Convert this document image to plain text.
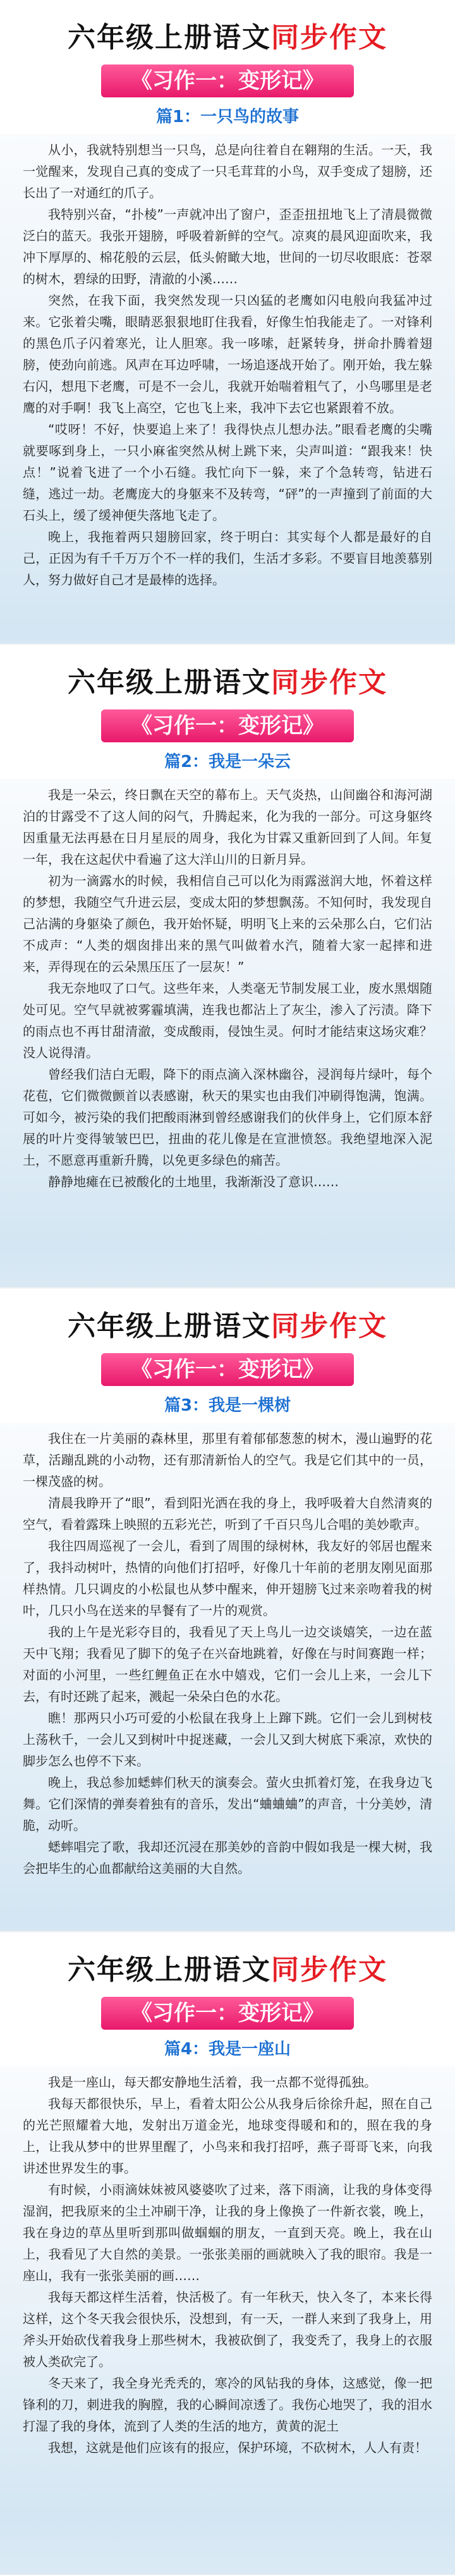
六年级上册语文同步作文
《习作一：变形记》
篇1：一只鸟的故事

从小，我就特别想当一只鸟，总是向往着自在翱翔的生活。一天，我一觉醒来，发现自己真的变成了一只毛茸茸的小鸟，双手变成了翅膀，还长出了一对通红的爪子。

我特别兴奋，“扑棱”一声就冲出了窗户，歪歪扭扭地飞上了清晨微微泛白的蓝天。我张开翅膀，呼吸着新鲜的空气。凉爽的晨风迎面吹来，我冲下厚厚的、棉花般的云层，低头俯瞰大地，世间的一切尽收眼底：苍翠的树木，碧绿的田野，清澈的小溪……

突然，在我下面，我突然发现一只凶猛的老鹰如闪电般向我猛冲过来。它张着尖嘴，眼睛恶狠狠地盯住我看，好像生怕我能走了。一对锋利的黑色爪子闪着寒光，让人胆寒。我一哆嗦，赶紧转身，拼命扑腾着翅膀，使劲向前逃。风声在耳边呼啸，一场追逐战开始了。刚开始，我左躲右闪，想甩下老鹰，可是不一会儿，我就开始喘着粗气了，小鸟哪里是老鹰的对手啊！我飞上高空，它也飞上来，我冲下去它也紧跟着不放。

“哎呀！不好，快要追上来了！我得快点儿想办法。”眼看老鹰的尖嘴就要啄到身上，一只小麻雀突然从树上跳下来，尖声叫道：“跟我来！快点！”说着飞进了一个小石缝。我忙向下一躲，来了个急转弯，钻进石缝，逃过一劫。老鹰庞大的身躯来不及转弯，“砰”的一声撞到了前面的大石头上，缓了缓神便失落地飞走了。

晚上，我拖着两只翅膀回家，终于明白：其实每个人都是最好的自己，正因为有千千万万个不一样的我们，生活才多彩。不要盲目地羡慕别人，努力做好自己才是最棒的选择。

六年级上册语文同步作文
《习作一：变形记》
篇2：我是一朵云

我是一朵云，终日飘在天空的幕布上。天气炎热，山间幽谷和海河湖泊的甘露受不了这人间的闷气，升腾起来，化为我的一部分。可这身躯终因重量无法再悬在日月星辰的周身，我化为甘霖又重新回到了人间。年复一年，我在这起伏中看遍了这大洋山川的日新月异。

初为一滴露水的时候，我相信自己可以化为雨露滋润大地，怀着这样的梦想，我随空气升进云层，变成太阳的梦想飘荡。不知何时，我发现自己沾满的身躯染了颜色，我开始怀疑，明明飞上来的云朵那么白，它们沾不成声：“人类的烟囱排出来的黑气叫做着水汽，随着大家一起摔和进来，弄得现在的云朵黑压压了一层灰！”

我无奈地叹了口气。这些年来，人类毫无节制发展工业，废水黑烟随处可见。空气早就被雾霾填满，连我也都沾上了灰尘，渗入了污渍。降下的雨点也不再甘甜清澈，变成酸雨，侵蚀生灵。何时才能结束这场灾难？没人说得清。

曾经我们洁白无暇，降下的雨点滴入深林幽谷，浸润每片绿叶，每个花苞，它们微微颤首以表感谢，秋天的果实也由我们冲刷得饱满，饱满。可如今，被污染的我们把酸雨淋到曾经感谢我们的伙伴身上，它们原本舒展的叶片变得皱皱巴巴，扭曲的花儿像是在宣泄愤怒。我绝望地深入泥土，不愿意再重新升腾，以免更多绿色的痛苦。

静静地瘫在已被酸化的土地里，我渐渐没了意识……

六年级上册语文同步作文
《习作一：变形记》
篇3：我是一棵树

我住在一片美丽的森林里，那里有着郁郁葱葱的树木，漫山遍野的花草，活蹦乱跳的小动物，还有那清新怡人的空气。我是它们其中的一员，一棵茂盛的树。

清晨我睁开了“眼”，看到阳光洒在我的身上，我呼吸着大自然清爽的空气，看着露珠上映照的五彩光芒，听到了千百只鸟儿合唱的美妙歌声。

我往四周巡视了一会儿，看到了周围的绿树林，我友好的邻居也醒来了，我抖动树叶，热情的向他们打招呼，好像几十年前的老朋友刚见面那样热情。几只调皮的小松鼠也从梦中醒来，伸开翅膀飞过来亲吻着我的树叶，几只小鸟在送来的早餐有了一片的观赏。

我的上午是光彩夺目的，我看见了天上鸟儿一边交谈嬉笑，一边在蓝天中飞翔；我看见了脚下的兔子在兴奋地跳着，好像在与时间赛跑一样；对面的小河里，一些红鲤鱼正在水中嬉戏，它们一会儿上来，一会儿下去，有时还跳了起来，溅起一朵朵白色的水花。

瞧！那两只小巧可爱的小松鼠在我身上上蹿下跳。它们一会儿到树枝上荡秋千，一会儿又到树叶中捉迷藏，一会儿又到大树底下乘凉，欢快的脚步怎么也停不下来。

晚上，我总参加蟋蟀们秋天的演奏会。萤火虫抓着灯笼，在我身边飞舞。它们深情的弹奏着独有的音乐，发出“蛐蛐蛐”的声音，十分美妙，清脆，动听。

蟋蟀唱完了歌，我却还沉浸在那美妙的音韵中假如我是一棵大树，我会把毕生的心血都献给这美丽的大自然。

六年级上册语文同步作文
《习作一：变形记》
篇4：我是一座山

我是一座山，每天都安静地生活着，我一点都不觉得孤独。

我每天都很快乐，早上，看着太阳公公从我身后徐徐升起，照在自己的光芒照耀着大地，发射出万道金光，地球变得暖和和的，照在我的身上，让我从梦中的世界里醒了，小鸟来和我打招呼，燕子哥哥飞来，向我讲述世界发生的事。

有时候，小雨滴妹妹被风婆婆吹了过来，落下雨滴，让我的身体变得湿润，把我原来的尘土冲刷干净，让我的身上像换了一件新衣裳，晚上，我在身边的草丛里听到那叫做蝈蝈的朋友，一直到天亮。晚上，我在山上，我看见了大自然的美景。一张张美丽的画就映入了我的眼帘。我是一座山，我有一张张美丽的画……

我每天都这样生活着，快活极了。有一年秋天，快入冬了，本来长得这样，这个冬天我会很快乐，没想到，有一天，一群人来到了我身上，用斧头开始砍伐着我身上那些树木，我被砍倒了，我变秃了，我身上的衣服被人类砍完了。

冬天来了，我全身光秃秃的，寒冷的风钻我的身体，这感觉，像一把锋利的刀，刺进我的胸膛，我的心瞬间凉透了。我伤心地哭了，我的泪水打湿了我的身体，流到了人类的生活的地方，黄黄的泥土

我想，这就是他们应该有的报应，保护环境，不砍树木，人人有责！
